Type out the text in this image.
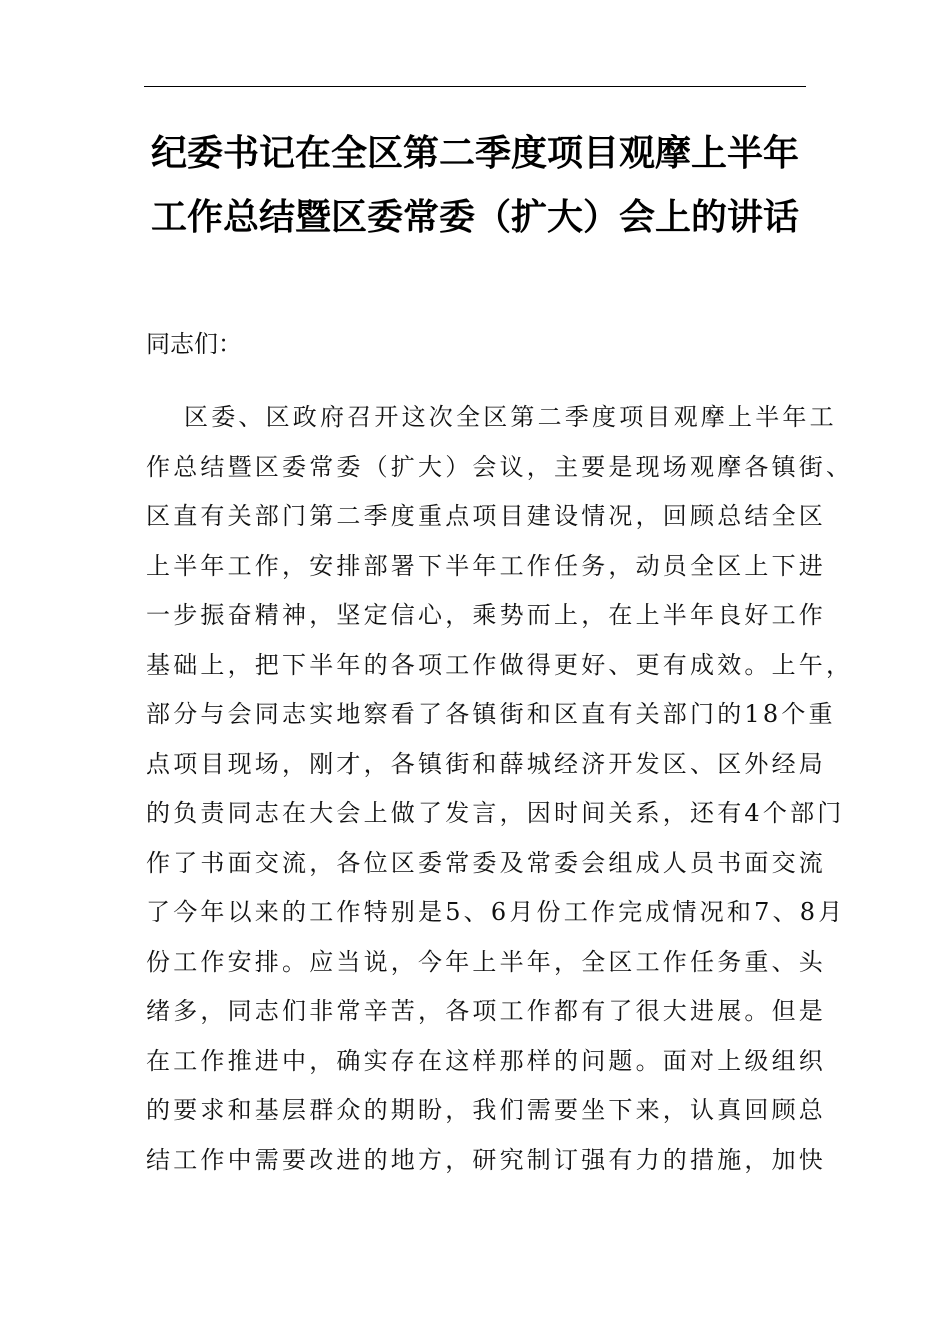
纪委书记在全区第二季度项目观摩上半年
工作总结暨区委常委（扩大）会上的讲话

同志们：

区委、区政府召开这次全区第二季度项目观摩上半年工
作总结暨区委常委（扩大）会议，主要是现场观摩各镇街、
区直有关部门第二季度重点项目建设情况，回顾总结全区
上半年工作，安排部署下半年工作任务，动员全区上下进
一步振奋精神，坚定信心，乘势而上，在上半年良好工作
基础上，把下半年的各项工作做得更好、更有成效。上午，
部分与会同志实地察看了各镇街和区直有关部门的18个重
点项目现场，刚才，各镇街和薛城经济开发区、区外经局
的负责同志在大会上做了发言，因时间关系，还有4个部门
作了书面交流，各位区委常委及常委会组成人员书面交流
了今年以来的工作特别是5、6月份工作完成情况和7、8月
份工作安排。应当说，今年上半年，全区工作任务重、头
绪多，同志们非常辛苦，各项工作都有了很大进展。但是
在工作推进中，确实存在这样那样的问题。面对上级组织
的要求和基层群众的期盼，我们需要坐下来，认真回顾总
结工作中需要改进的地方，研究制订强有力的措施，加快
